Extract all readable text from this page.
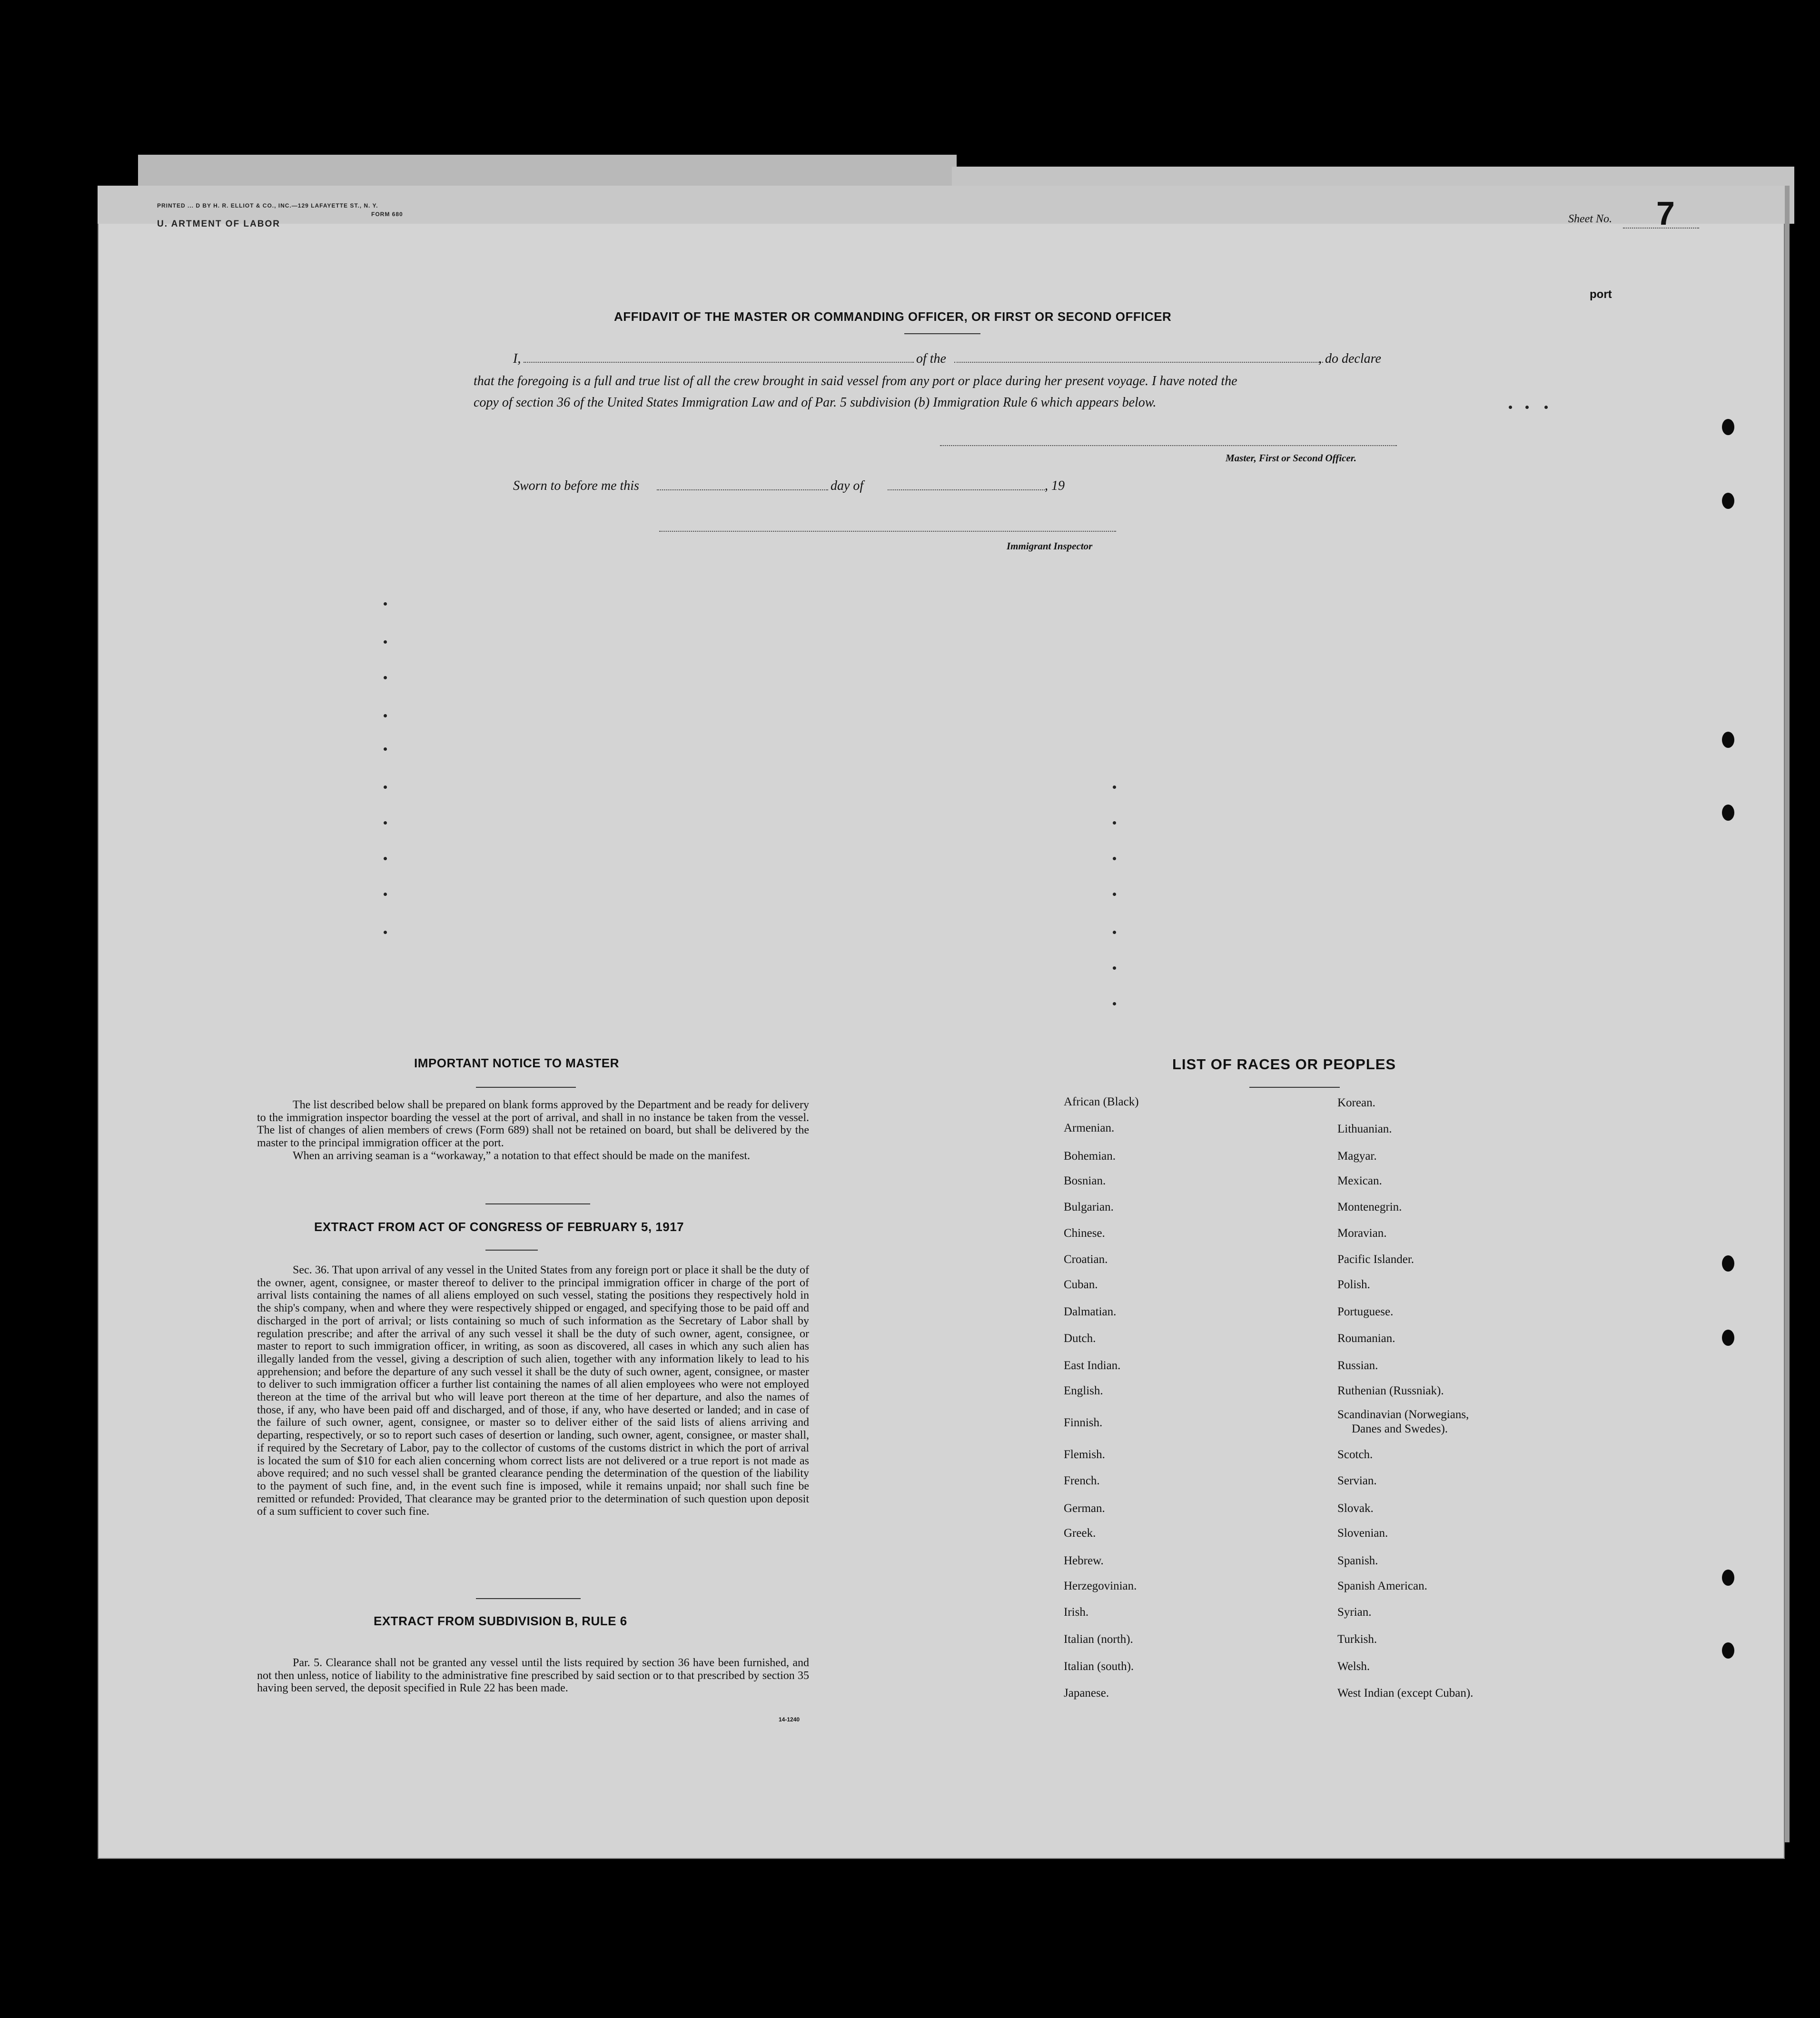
PRINTED ... D BY H. R. ELLIOT & CO., INC.—129 LAFAYETTE ST., N. Y.
FORM 680
U. ARTMENT OF LABOR	Sheet No. 7
port
AFFIDAVIT OF THE MASTER OR COMMANDING OFFICER, OR FIRST OR SECOND OFFICER
I,	of the	, do declare
that the foregoing is a full and true list of all the crew brought in said vessel from any port or place during her present voyage. I have noted the
copy of section 36 of the United States Immigration Law and of Par. 5 subdivision (b) Immigration Rule 6 which appears below.
Master, First or Second Officer.
Sworn to before me this	day of	, 19
Immigrant Inspector
IMPORTANT NOTICE TO MASTER

The list described below shall be prepared on blank forms approved by the Department and be ready for delivery to the immigration inspector boarding the vessel at the port of arrival, and shall in no instance be taken from the vessel. The list of changes of alien members of crews (Form 689) shall not be retained on board, but shall be delivered by the master to the principal immigration officer at the port.

When an arriving seaman is a “workaway,” a notation to that effect should be made on the manifest.

EXTRACT FROM ACT OF CONGRESS OF FEBRUARY 5, 1917

Sec. 36. That upon arrival of any vessel in the United States from any foreign port or place it shall be the duty of the owner, agent, consignee, or master thereof to deliver to the principal immigration officer in charge of the port of arrival lists containing the names of all aliens employed on such vessel, stating the positions they respectively hold in the ship's company, when and where they were respectively shipped or engaged, and specifying those to be paid off and discharged in the port of arrival; or lists containing so much of such information as the Secretary of Labor shall by regulation prescribe; and after the arrival of any such vessel it shall be the duty of such owner, agent, consignee, or master to report to such immigration officer, in writing, as soon as discovered, all cases in which any such alien has illegally landed from the vessel, giving a description of such alien, together with any information likely to lead to his apprehension; and before the departure of any such vessel it shall be the duty of such owner, agent, consignee, or master to deliver to such immigration officer a further list containing the names of all alien employees who were not employed thereon at the time of the arrival but who will leave port thereon at the time of her departure, and also the names of those, if any, who have been paid off and discharged, and of those, if any, who have deserted or landed; and in case of the failure of such owner, agent, consignee, or master so to deliver either of the said lists of aliens arriving and departing, respectively, or so to report such cases of desertion or landing, such owner, agent, consignee, or master shall, if required by the Secretary of Labor, pay to the collector of customs of the customs district in which the port of arrival is located the sum of $10 for each alien concerning whom correct lists are not delivered or a true report is not made as above required; and no such vessel shall be granted clearance pending the determination of the question of the liability to the payment of such fine, and, in the event such fine is imposed, while it remains unpaid; nor shall such fine be remitted or refunded: Provided, That clearance may be granted prior to the determination of such question upon deposit of a sum sufficient to cover such fine.

EXTRACT FROM SUBDIVISION B, RULE 6

Par. 5. Clearance shall not be granted any vessel until the lists required by section 36 have been furnished, and not then unless, notice of liability to the administrative fine prescribed by said section or to that prescribed by section 35 having been served, the deposit specified in Rule 22 has been made.

14-1240
LIST OF RACES OR PEOPLES
African (Black)
Armenian.
Bohemian.
Bosnian.
Bulgarian.
Chinese.
Croatian.
Cuban.
Dalmatian.
Dutch.
East Indian.
English.
Finnish.
Flemish.
French.
German.
Greek.
Hebrew.
Herzegovinian.
Irish.
Italian (north).
Italian (south).
Japanese.
Korean.
Lithuanian.
Magyar.
Mexican.
Montenegrin.
Moravian.
Pacific Islander.
Polish.
Portuguese.
Roumanian.
Russian.
Ruthenian (Russniak).
Scandinavian (Norwegians,
Danes and Swedes).
Scotch.
Servian.
Slovak.
Slovenian.
Spanish.
Spanish American.
Syrian.
Turkish.
Welsh.
West Indian (except Cuban).
